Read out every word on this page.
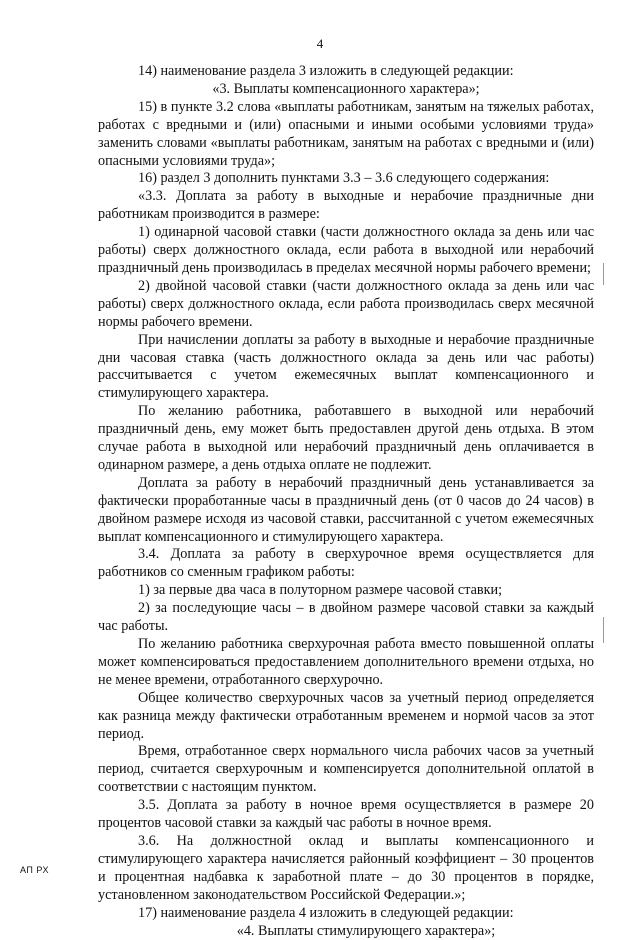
4

14) наименование раздела 3 изложить в следующей редакции:

«3. Выплаты компенсационного характера»;

15) в пункте 3.2 слова «выплаты работникам, занятым на тяжелых работах, работах с вредными и (или) опасными и иными особыми условиями труда» заменить словами «выплаты работникам, занятым на работах с вредными и (или) опасными условиями труда»;

16) раздел 3 дополнить пунктами 3.3 – 3.6 следующего содержания:

«3.3. Доплата за работу в выходные и нерабочие праздничные дни работникам производится в размере:

1) одинарной часовой ставки (части должностного оклада за день или час работы) сверх должностного оклада, если работа в выходной или нерабочий праздничный день производилась в пределах месячной нормы рабочего времени;

2) двойной часовой ставки (части должностного оклада за день или час работы) сверх должностного оклада, если работа производилась сверх месячной нормы рабочего времени.

При начислении доплаты за работу в выходные и нерабочие праздничные дни часовая ставка (часть должностного оклада за день или час работы) рассчитывается с учетом ежемесячных выплат компенсационного и стимулирующего характера.

По желанию работника, работавшего в выходной или нерабочий праздничный день, ему может быть предоставлен другой день отдыха. В этом случае работа в выходной или нерабочий праздничный день оплачивается в одинарном размере, а день отдыха оплате не подлежит.

Доплата за работу в нерабочий праздничный день устанавливается за фактически проработанные часы в праздничный день (от 0 часов до 24 часов) в двойном размере исходя из часовой ставки, рассчитанной с учетом ежемесячных выплат компенсационного и стимулирующего характера.

3.4. Доплата за работу в сверхурочное время осуществляется для работников со сменным графиком работы:

1) за первые два часа в полуторном размере часовой ставки;

2) за последующие часы – в двойном размере часовой ставки за каждый час работы.

По желанию работника сверхурочная работа вместо повышенной оплаты может компенсироваться предоставлением дополнительного времени отдыха, но не менее времени, отработанного сверхурочно.

Общее количество сверхурочных часов за учетный период определяется как разница между фактически отработанным временем и нормой часов за этот период.

Время, отработанное сверх нормального числа рабочих часов за учетный период, считается сверхурочным и компенсируется дополнительной оплатой в соответствии с настоящим пунктом.

3.5. Доплата за работу в ночное время осуществляется в размере 20 процентов часовой ставки за каждый час работы в ночное время.

3.6. На должностной оклад и выплаты компенсационного и стимулирующего характера начисляется районный коэффициент – 30 процентов и процентная надбавка к заработной плате – до 30 процентов в порядке, установленном законодательством Российской Федерации.»;

17) наименование раздела 4 изложить в следующей редакции:

«4. Выплаты стимулирующего характера»;

АП РХ
